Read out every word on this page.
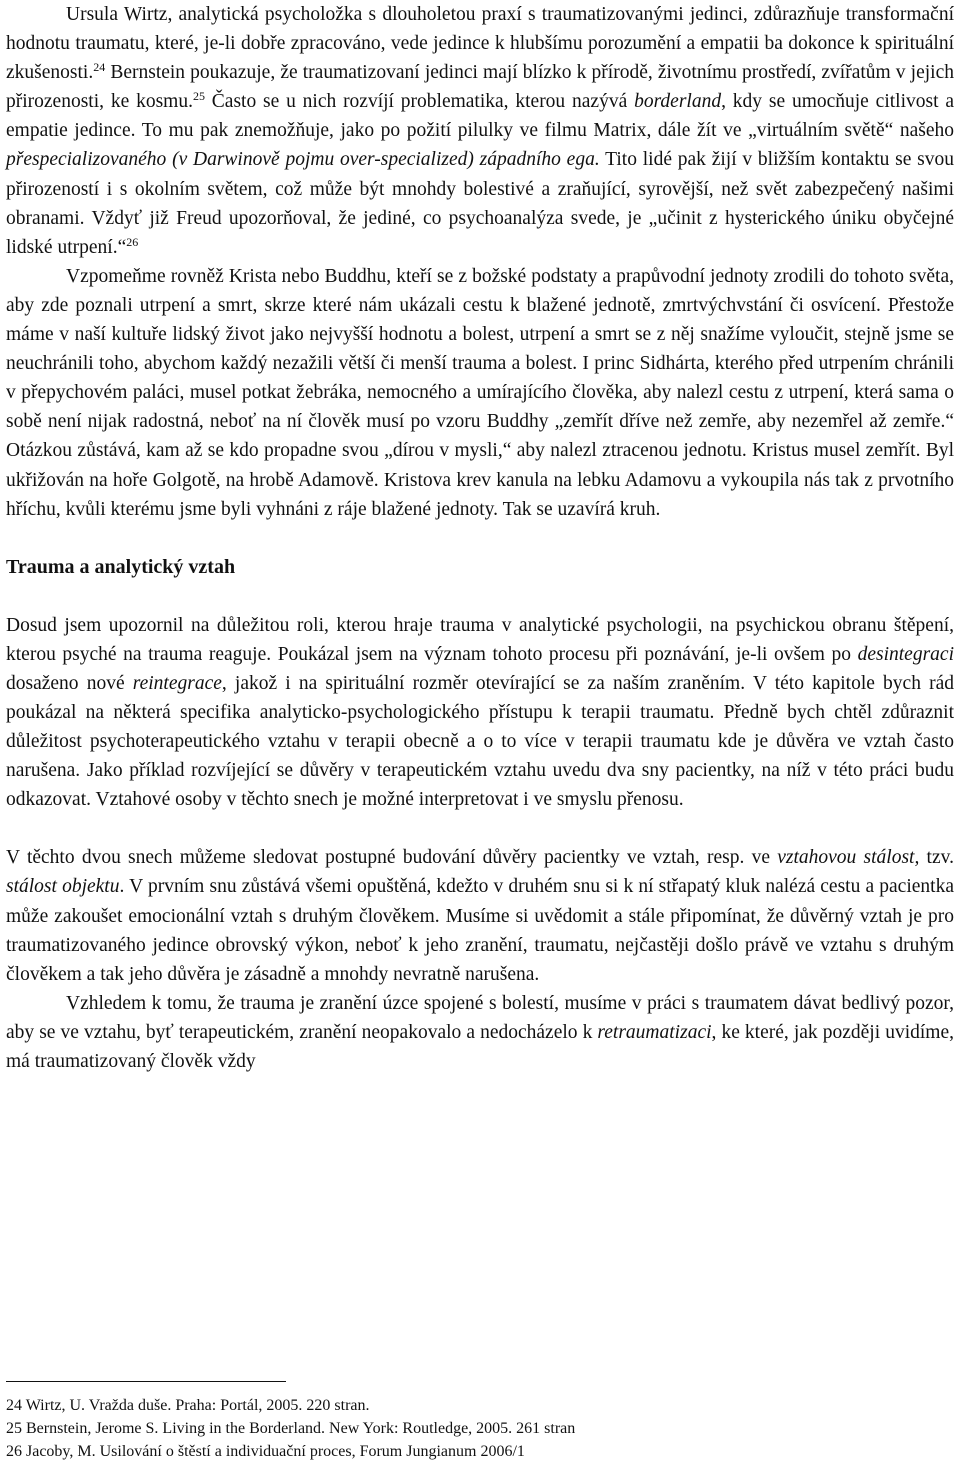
Ursula Wirtz, analytická psycholožka s dlouholetou praxí s traumatizovanými jedinci, zdůrazňuje transformační hodnotu traumatu, které, je-li dobře zpracováno, vede jedince k hlubšímu porozumění a empatii ba dokonce k spirituální zkušenosti.$^{24}$ Bernstein poukazuje, že traumatizovaní jedinci mají blízko k přírodě, životnímu prostředí, zvířatům v jejich přirozenosti, ke kosmu.$^{25}$ Často se u nich rozvíjí problematika, kterou nazývá borderland, kdy se umocňuje citlivost a empatie jedince. To mu pak znemožňuje, jako po požití pilulky ve filmu Matrix, dále žít ve „virtuálním světě“ našeho přespecializovaného (v Darwinově pojmu over-specialized) západního ega. Tito lidé pak žijí v bližším kontaktu se svou přirozeností i s okolním světem, což může být mnohdy bolestivé a zraňující, syrovější, než svět zabezpečený našimi obranami. Vždyť již Freud upozorňoval, že jediné, co psychoanalýza svede, je „učinit z hysterického úniku obyčejné lidské utrpení.“$^{26}$

Vzpomeňme rovněž Krista nebo Buddhu, kteří se z božské podstaty a prapůvodní jednoty zrodili do tohoto světa, aby zde poznali utrpení a smrt, skrze které nám ukázali cestu k blažené jednotě, zmrtvýchvstání či osvícení. Přestože máme v naší kultuře lidský život jako nejvyšší hodnotu a bolest, utrpení a smrt se z něj snažíme vyloučit, stejně jsme se neuchránili toho, abychom každý nezažili větší či menší trauma a bolest. I princ Sidhárta, kterého před utrpením chránili v přepychovém paláci, musel potkat žebráka, nemocného a umírajícího člověka, aby nalezl cestu z utrpení, která sama o sobě není nijak radostná, neboť na ní člověk musí po vzoru Buddhy „zemřít dříve než zemře, aby nezemřel až zemře.“ Otázkou zůstává, kam až se kdo propadne svou „dírou v mysli,“ aby nalezl ztracenou jednotu. Kristus musel zemřít. Byl ukřižován na hoře Golgotě, na hrobě Adamově. Kristova krev kanula na lebku Adamovu a vykoupila nás tak z prvotního hříchu, kvůli kterému jsme byli vyhnáni z ráje blažené jednoty. Tak se uzavírá kruh.

Trauma a analytický vztah

Dosud jsem upozornil na důležitou roli, kterou hraje trauma v analytické psychologii, na psychickou obranu štěpení, kterou psyché na trauma reaguje. Poukázal jsem na význam tohoto procesu při poznávání, je-li ovšem po desintegraci dosaženo nové reintegrace, jakož i na spirituální rozměr otevírající se za naším zraněním. V této kapitole bych rád poukázal na některá specifika analyticko-psychologického přístupu k terapii traumatu. Předně bych chtěl zdůraznit důležitost psychoterapeutického vztahu v terapii obecně a o to více v terapii traumatu kde je důvěra ve vztah často narušena. Jako příklad rozvíjející se důvěry v terapeutickém vztahu uvedu dva sny pacientky, na níž v této práci budu odkazovat. Vztahové osoby v těchto snech je možné interpretovat i ve smyslu přenosu.

V těchto dvou snech můžeme sledovat postupné budování důvěry pacientky ve vztah, resp. ve vztahovou stálost, tzv. stálost objektu. V prvním snu zůstává všemi opuštěná, kdežto v druhém snu si k ní střapatý kluk nalézá cestu a pacientka může zakoušet emocionální vztah s druhým člověkem. Musíme si uvědomit a stále připomínat, že důvěrný vztah je pro traumatizovaného jedince obrovský výkon, neboť k jeho zranění, traumatu, nejčastěji došlo právě ve vztahu s druhým člověkem a tak jeho důvěra je zásadně a mnohdy nevratně narušena.

Vzhledem k tomu, že trauma je zranění úzce spojené s bolestí, musíme v práci s traumatem dávat bedlivý pozor, aby se ve vztahu, byť terapeutickém, zranění neopakovalo a nedocházelo k retraumatizaci, ke které, jak později uvidíme, má traumatizovaný člověk vždy

24 Wirtz, U. Vražda duše. Praha: Portál, 2005. 220 stran.
25 Bernstein, Jerome S. Living in the Borderland. New York: Routledge, 2005. 261 stran
26 Jacoby, M. Usilování o štěstí a individuační proces, Forum Jungianum 2006/1
